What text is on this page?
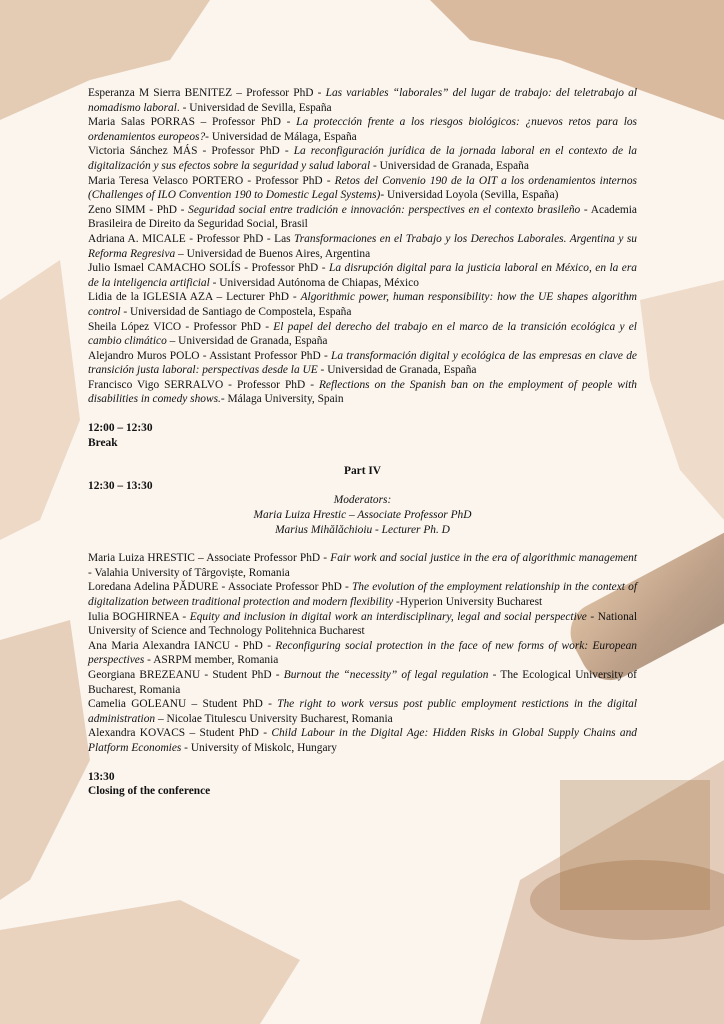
Esperanza M Sierra BENITEZ – Professor PhD - Las variables “laborales” del lugar de trabajo: del teletrabajo al nomadismo laboral. - Universidad de Sevilla, España
Maria Salas PORRAS – Professor PhD - La protección frente a los riesgos biológicos: ¿nuevos retos para los ordenamientos europeos?- Universidad de Málaga, España
Victoria Sánchez MÁS - Professor PhD - La reconfiguración jurídica de la jornada laboral en el contexto de la digitalización y sus efectos sobre la seguridad y salud laboral - Universidad de Granada, España
Maria Teresa Velasco PORTERO - Professor PhD - Retos del Convenio 190 de la OIT a los ordenamientos internos (Challenges of ILO Convention 190 to Domestic Legal Systems)- Universidad Loyola (Sevilla, España)
Zeno SIMM - PhD - Seguridad social entre tradición e innovación: perspectives en el contexto brasileño - Academia Brasileira de Direito da Seguridad Social, Brasil
Adriana A. MICALE - Professor PhD - Las Transformaciones en el Trabajo y los Derechos Laborales. Argentina y su Reforma Regresiva – Universidad de Buenos Aires, Argentina
Julio Ismael CAMACHO SOLÍS - Professor PhD - La disrupción digital para la justicia laboral en México, en la era de la inteligencia artificial - Universidad Autónoma de Chiapas, México
Lidia de la IGLESIA AZA – Lecturer PhD - Algorithmic power, human responsibility: how the UE shapes algorithm control - Universidad de Santiago de Compostela, España
Sheila López VICO - Professor PhD - El papel del derecho del trabajo en el marco de la transición ecológica y el cambio climático – Universidad de Granada, España
Alejandro Muros POLO - Assistant Professor PhD - La transformación digital y ecológica de las empresas en clave de transición justa laboral: perspectivas desde la UE - Universidad de Granada, España
Francisco Vigo SERRALVO - Professor PhD - Reflections on the Spanish ban on the employment of people with disabilities in comedy shows.- Málaga University, Spain
12:00 – 12:30
Break
Part IV
12:30 – 13:30
Moderators:
Maria Luiza Hrestic – Associate Professor PhD
Marius Mihălăchioiu - Lecturer Ph. D
Maria Luiza HRESTIC – Associate Professor PhD - Fair work and social justice in the era of algorithmic management - Valahia University of Târgoviște, Romania
Loredana Adelina PĂDURE - Associate Professor PhD - The evolution of the employment relationship in the context of digitalization between traditional protection and modern flexibility -Hyperion University Bucharest
Iulia BOGHIRNEA - Equity and inclusion in digital work an interdisciplinary, legal and social perspective - National University of Science and Technology Politehnica Bucharest
Ana Maria Alexandra IANCU - PhD - Reconfiguring social protection in the face of new forms of work: European perspectives - ASRPM member, Romania
Georgiana BREZEANU - Student PhD - Burnout the “necessity” of legal regulation - The Ecological University of Bucharest, Romania
Camelia GOLEANU – Student PhD - The right to work versus post public employment restictions in the digital administration – Nicolae Titulescu University Bucharest, Romania
Alexandra KOVACS – Student PhD - Child Labour in the Digital Age: Hidden Risks in Global Supply Chains and Platform Economies - University of Miskolc, Hungary
13:30
Closing of the conference
